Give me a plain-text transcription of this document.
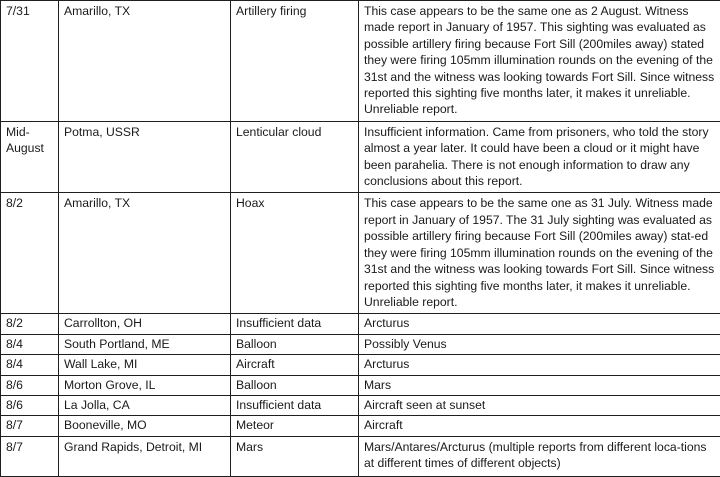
7/31	Amarillo, TX	Artillery firing	This case appears to be the same one as 2 August. Witness made report in January of 1957. This sighting was evaluated as possible artillery firing because Fort Sill (200miles away) stated they were firing 105mm illumination rounds on the evening of the 31st and the witness was looking towards Fort Sill. Since witness reported this sighting five months later, it makes it unreliable. Unreliable report.
Mid-August	Potma, USSR	Lenticular cloud	Insufficient information. Came from prisoners, who told the story almost a year later. It could have been a cloud or it might have been parahelia. There is not enough information to draw any conclusions about this report.
8/2	Amarillo, TX	Hoax	This case appears to be the same one as 31 July. Witness made report in January of 1957. The 31 July sighting was evaluated as possible artillery firing because Fort Sill (200miles away) stat-ed they were firing 105mm illumination rounds on the evening of the 31st and the witness was looking towards Fort Sill. Since witness reported this sighting five months later, it makes it unreliable. Unreliable report.
8/2	Carrollton, OH	Insufficient data	Arcturus
8/4	South Portland, ME	Balloon	Possibly Venus
8/4	Wall Lake, MI	Aircraft	Arcturus
8/6	Morton Grove, IL	Balloon	Mars
8/6	La Jolla, CA	Insufficient data	Aircraft seen at sunset
8/7	Booneville, MO	Meteor	Aircraft
8/7	Grand Rapids, Detroit, MI	Mars	Mars/Antares/Arcturus (multiple reports from different loca-tions at different times of different objects)
